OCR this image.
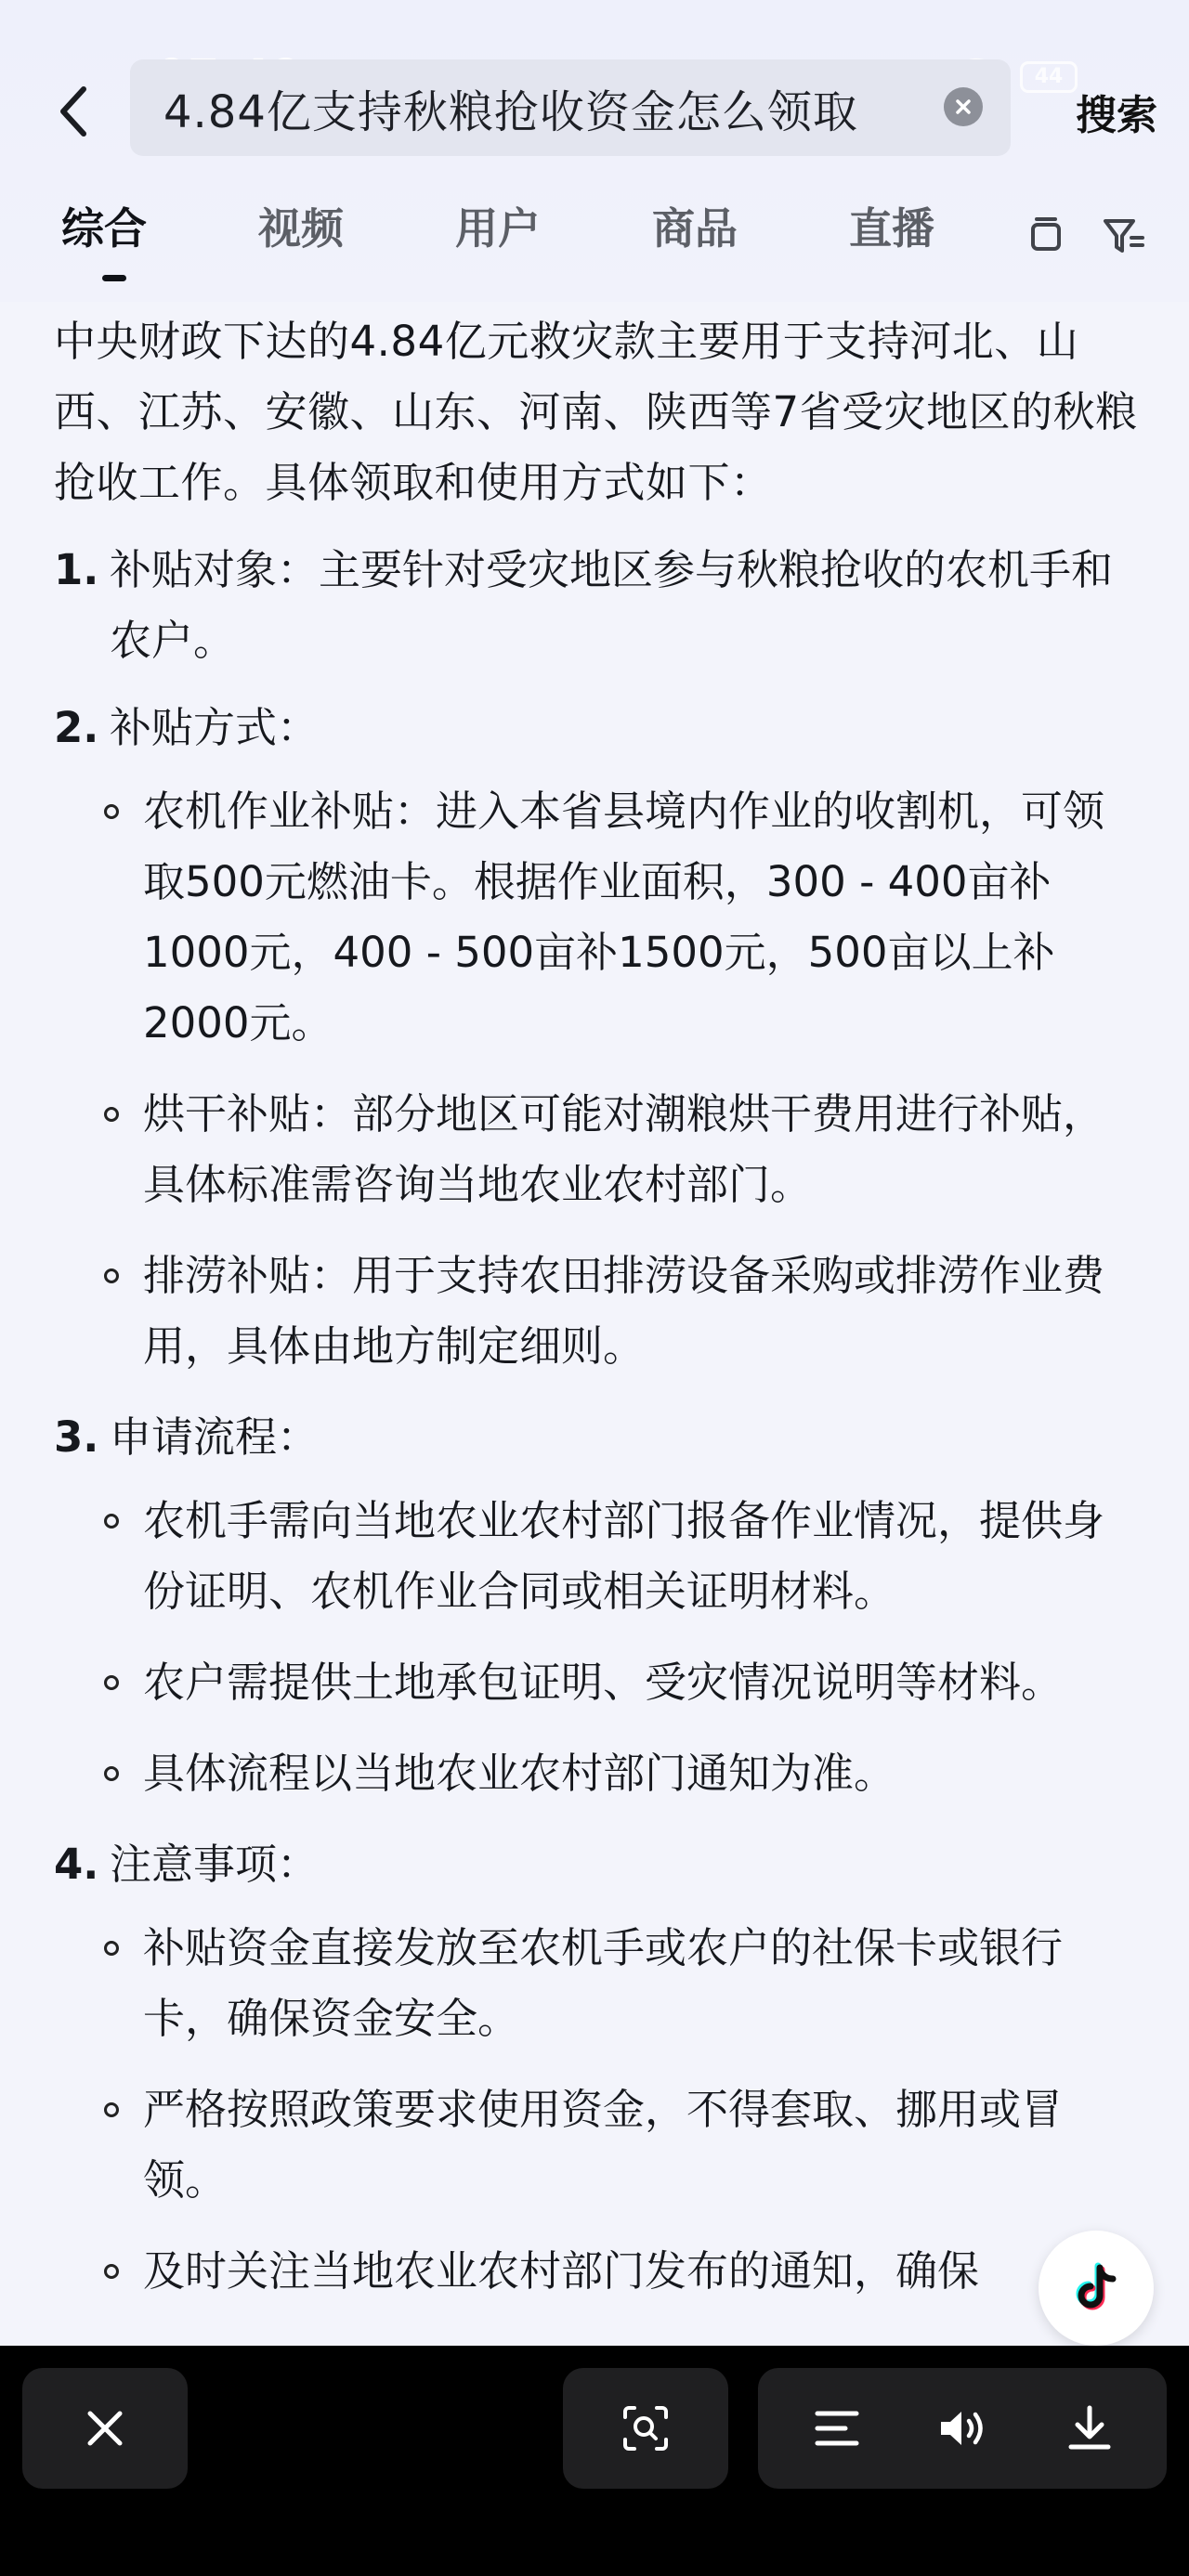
44
4.84亿支持秋粮抢收资金怎么领取	搜索
综合	视频	用户	商品	直播
中央财政下达的4.84亿元救灾款主要用于支持河北、山西、江苏、安徽、山东、河南、陕西等7省受灾地区的秋粮抢收工作。具体领取和使用方式如下：
1. 补贴对象：主要针对受灾地区参与秋粮抢收的农机手和农户。
2. 补贴方式：
农机作业补贴：进入本省县境内作业的收割机，可领取500元燃油卡。根据作业面积，300 - 400亩补1000元，400 - 500亩补1500元，500亩以上补2000元。
烘干补贴：部分地区可能对潮粮烘干费用进行补贴，具体标准需咨询当地农业农村部门。
排涝补贴：用于支持农田排涝设备采购或排涝作业费用，具体由地方制定细则。
3. 申请流程：
农机手需向当地农业农村部门报备作业情况，提供身份证明、农机作业合同或相关证明材料。
农户需提供土地承包证明、受灾情况说明等材料。
具体流程以当地农业农村部门通知为准。
4. 注意事项：
补贴资金直接发放至农机手或农户的社保卡或银行卡，确保资金安全。
严格按照政策要求使用资金，不得套取、挪用或冒领。
及时关注当地农业农村部门发布的通知，确保
